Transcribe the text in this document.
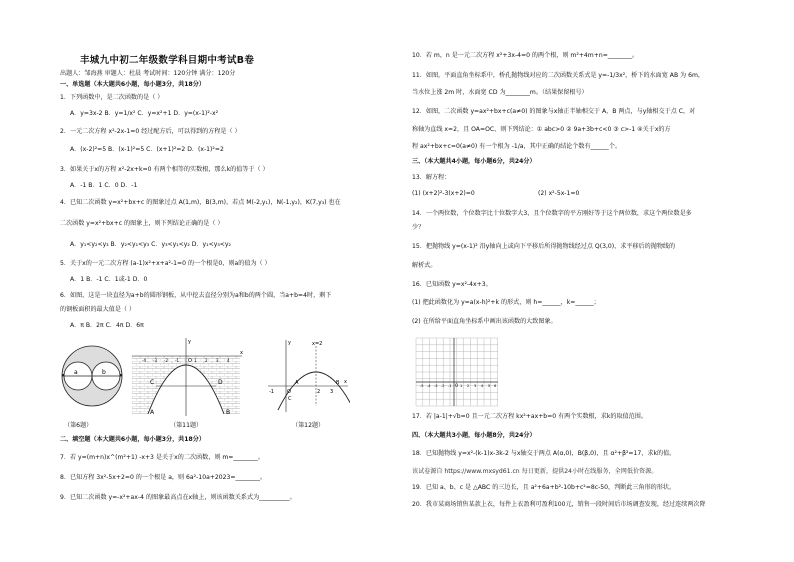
丰城九中初二年级数学科目期中考试B卷
出题人：邹海燕 审题人：杜晨 考试时间：120分钟 满分：120分
一、单选题（本大题共6小题，每小题3分，共18分）
1．下列函数中，是二次函数的是（ ）
A．y=3x-2 B．y=1/x² C．y=x²+1 D．y=(x-1)²-x²
2．一元二次方程 x²-2x-1=0 经过配方后，可以得到的方程是（ ）
A．(x-2)²=5 B．(x-1)²=5 C．(x+1)²=2 D．(x-1)²=2
3．如果关于x的方程 x²-2x+k=0 有两个相等的实数根，那么k的值等于（ ）
A．-1 B．1 C．0 D．-1
4．已知二次函数 y=x²+bx+c 的图象过点 A(1,m)，B(3,m)，若点 M(-2,y₁)，N(-1,y₂)，K(7,y₃) 也在
二次函数 y=x²+bx+c 的图象上，则下列结论正确的是（ ）
A．y₁<y₂<y₃ B．y₂<y₁<y₃ C．y₃<y₁<y₂ D．y₁<y₃<y₂
5．关于x的一元二次方程 (a-1)x²+x+a²-1=0 的一个根是0，则a的值为（ ）
A．1 B．-1 C．1或-1 D．0
6．如图，这是一块直径为a+b的圆形钢板，从中挖去直径分别为a和b的两个圆，当a+b=4时，剩下
的钢板面积的最大值是（ ）
A．π B．2π C．4π D．6π
二、填空题（本大题共6小题，每小题3分，共18分）
7．若 y=(m+n)x^(m²+1) -x+3 是关于x的二次函数，则 m=________。
8．已知方程 3x²-5x+2=0 的一个根是 a，则 6a²-10a+2023=________。
9．已知二次函数 y=-x²+ax-4 的图象最高点在x轴上，则该函数关系式为__________。
a	b
（第6题）
x
y
O
A	B
C	D
-4 -3 -2 -1	1 2 3 4
（第11题）
x=2
x
y
-1	O	2 3
A	B
C
（第12题）
10．若 m，n 是一元二次方程 x²+3x-4=0 的两个根，则 m²+4m+n=________。
11．如图，平面直角坐标系中，桥孔抛物线对应的二次函数关系式是 y=-1/3x²，桥下的水面宽 AB 为 6m，
当水位上涨 2m 时，水面宽 CD 为________m。（结果保留根号）
12．如图，二次函数 y=ax²+bx+c(a≠0) 的图象与x轴正半轴相交于 A，B 两点，与y轴相交于点 C，对
称轴为直线 x=2，且 OA=OC，则下列结论：① abc>0 ② 9a+3b+c<0 ③ c>-1 ④关于x的方
程 ax²+bx+c=0(a≠0) 有一个根为 -1/a，其中正确的结论个数有______个。
三、（本大题共4小题，每小题6分，共24分）
13．解方程：
(1) (x+2)²-3(x+2)=0	(2) x²-5x-1=0
14．一个两位数，个位数字比十位数字大3，且个位数字的平方刚好等于这个两位数，求这个两位数是多
少？
15．把抛物线 y=(x-1)² 沿y轴向上或向下平移后所得抛物线经过点 Q(3,0)，求平移后的抛物线的
解析式。
16．已知函数 y=x²-4x+3。
(1) 把此函数化为 y=a(x-h)²+k 的形式，则 h=______，k=______；
(2) 在所给平面直角坐标系中画出该函数的大致图象。
17．若 |a-1|+√b=0 且一元二次方程 kx²+ax+b=0 有两个实数根，求k的取值范围。
四、（本大题共3小题，每小题8分，共24分）
18．已知抛物线 y=x²-(k-1)x-3k-2 与x轴交于两点 A(α,0)，B(β,0)，且 α²+β²=17，求k的值。
该试卷源自 https://www.mxsyd61.cn 每日更新，提供24小时在线服务，全网低价资源。
19．已知 a、b、c 是 △ABC 的三边长，且 a²+6a+b²-10b+c²=8c-50，判断此三角形的形状。
20．我市某商场销售某款上衣，每件上衣盈利可盈利100元，销售一段时间后市场调查发现，经过连续两次降
O
-5 -4 -3 -2 -1 1 2 3 4 5 6
